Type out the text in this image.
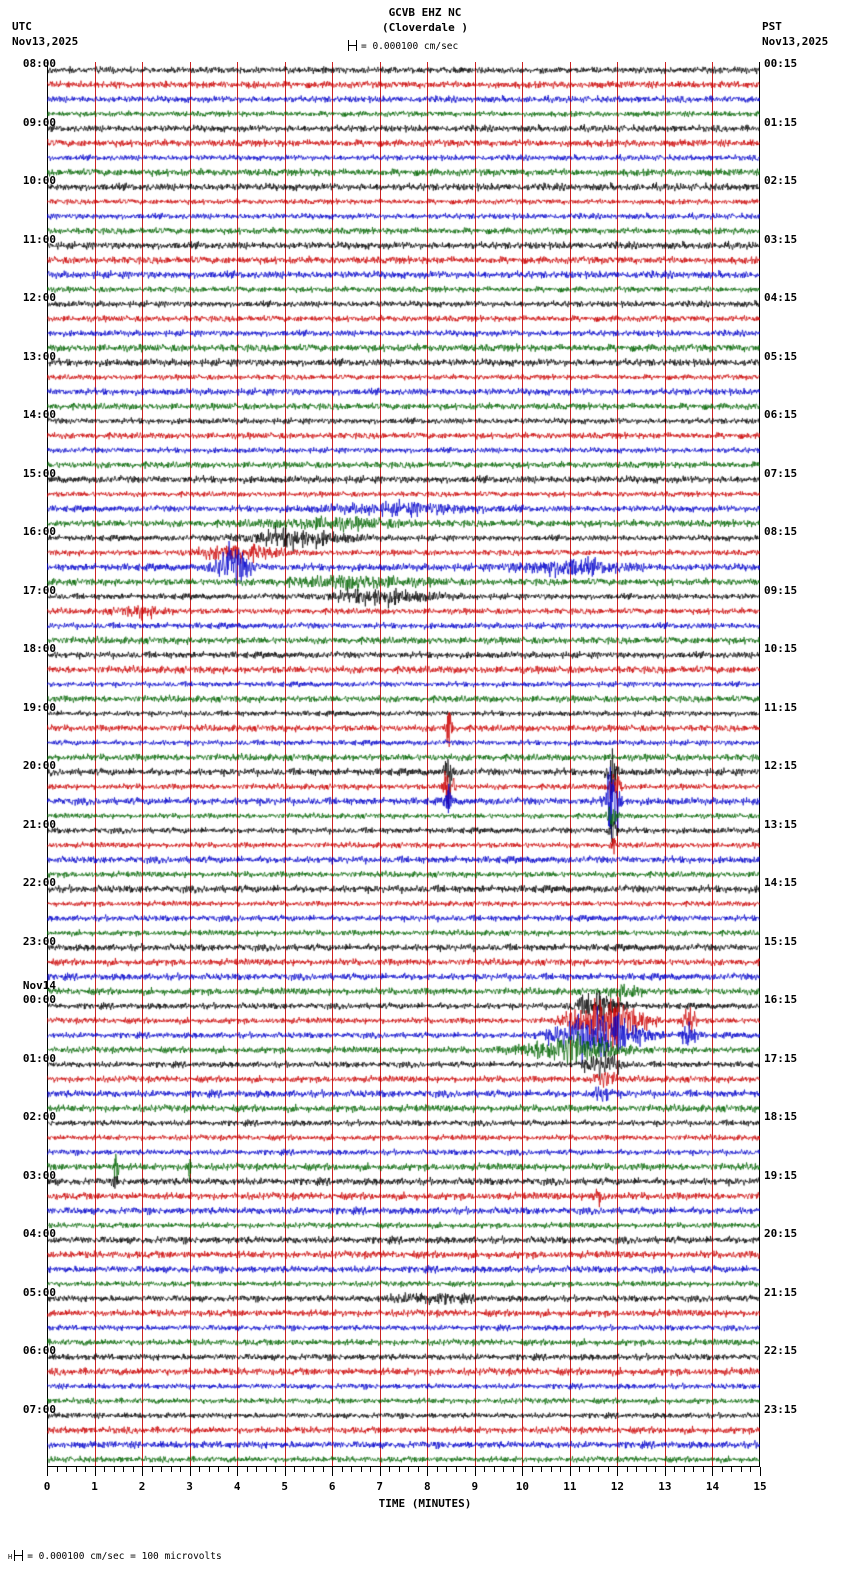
GCVB EHZ NC
(Cloverdale )
UTC
Nov13,2025
PST
Nov13,2025
= 0.000100 cm/sec
08:00	00:15
09:00	01:15
10:00	02:15
11:00	03:15
12:00	04:15
13:00	05:15
14:00	06:15
15:00	07:15
16:00	08:15
17:00	09:15
18:00	10:15
19:00	11:15
20:00	12:15
21:00	13:15
22:00	14:15
23:00	15:15
00:00	16:15
Nov14
01:00	17:15
02:00	18:15
03:00	19:15
04:00	20:15
05:00	21:15
06:00	22:15
07:00	23:15
0	1	2	3	4	5	6	7	8	9	10	11	12	13	14	15
TIME (MINUTES)
H = 0.000100 cm/sec = 100 microvolts
